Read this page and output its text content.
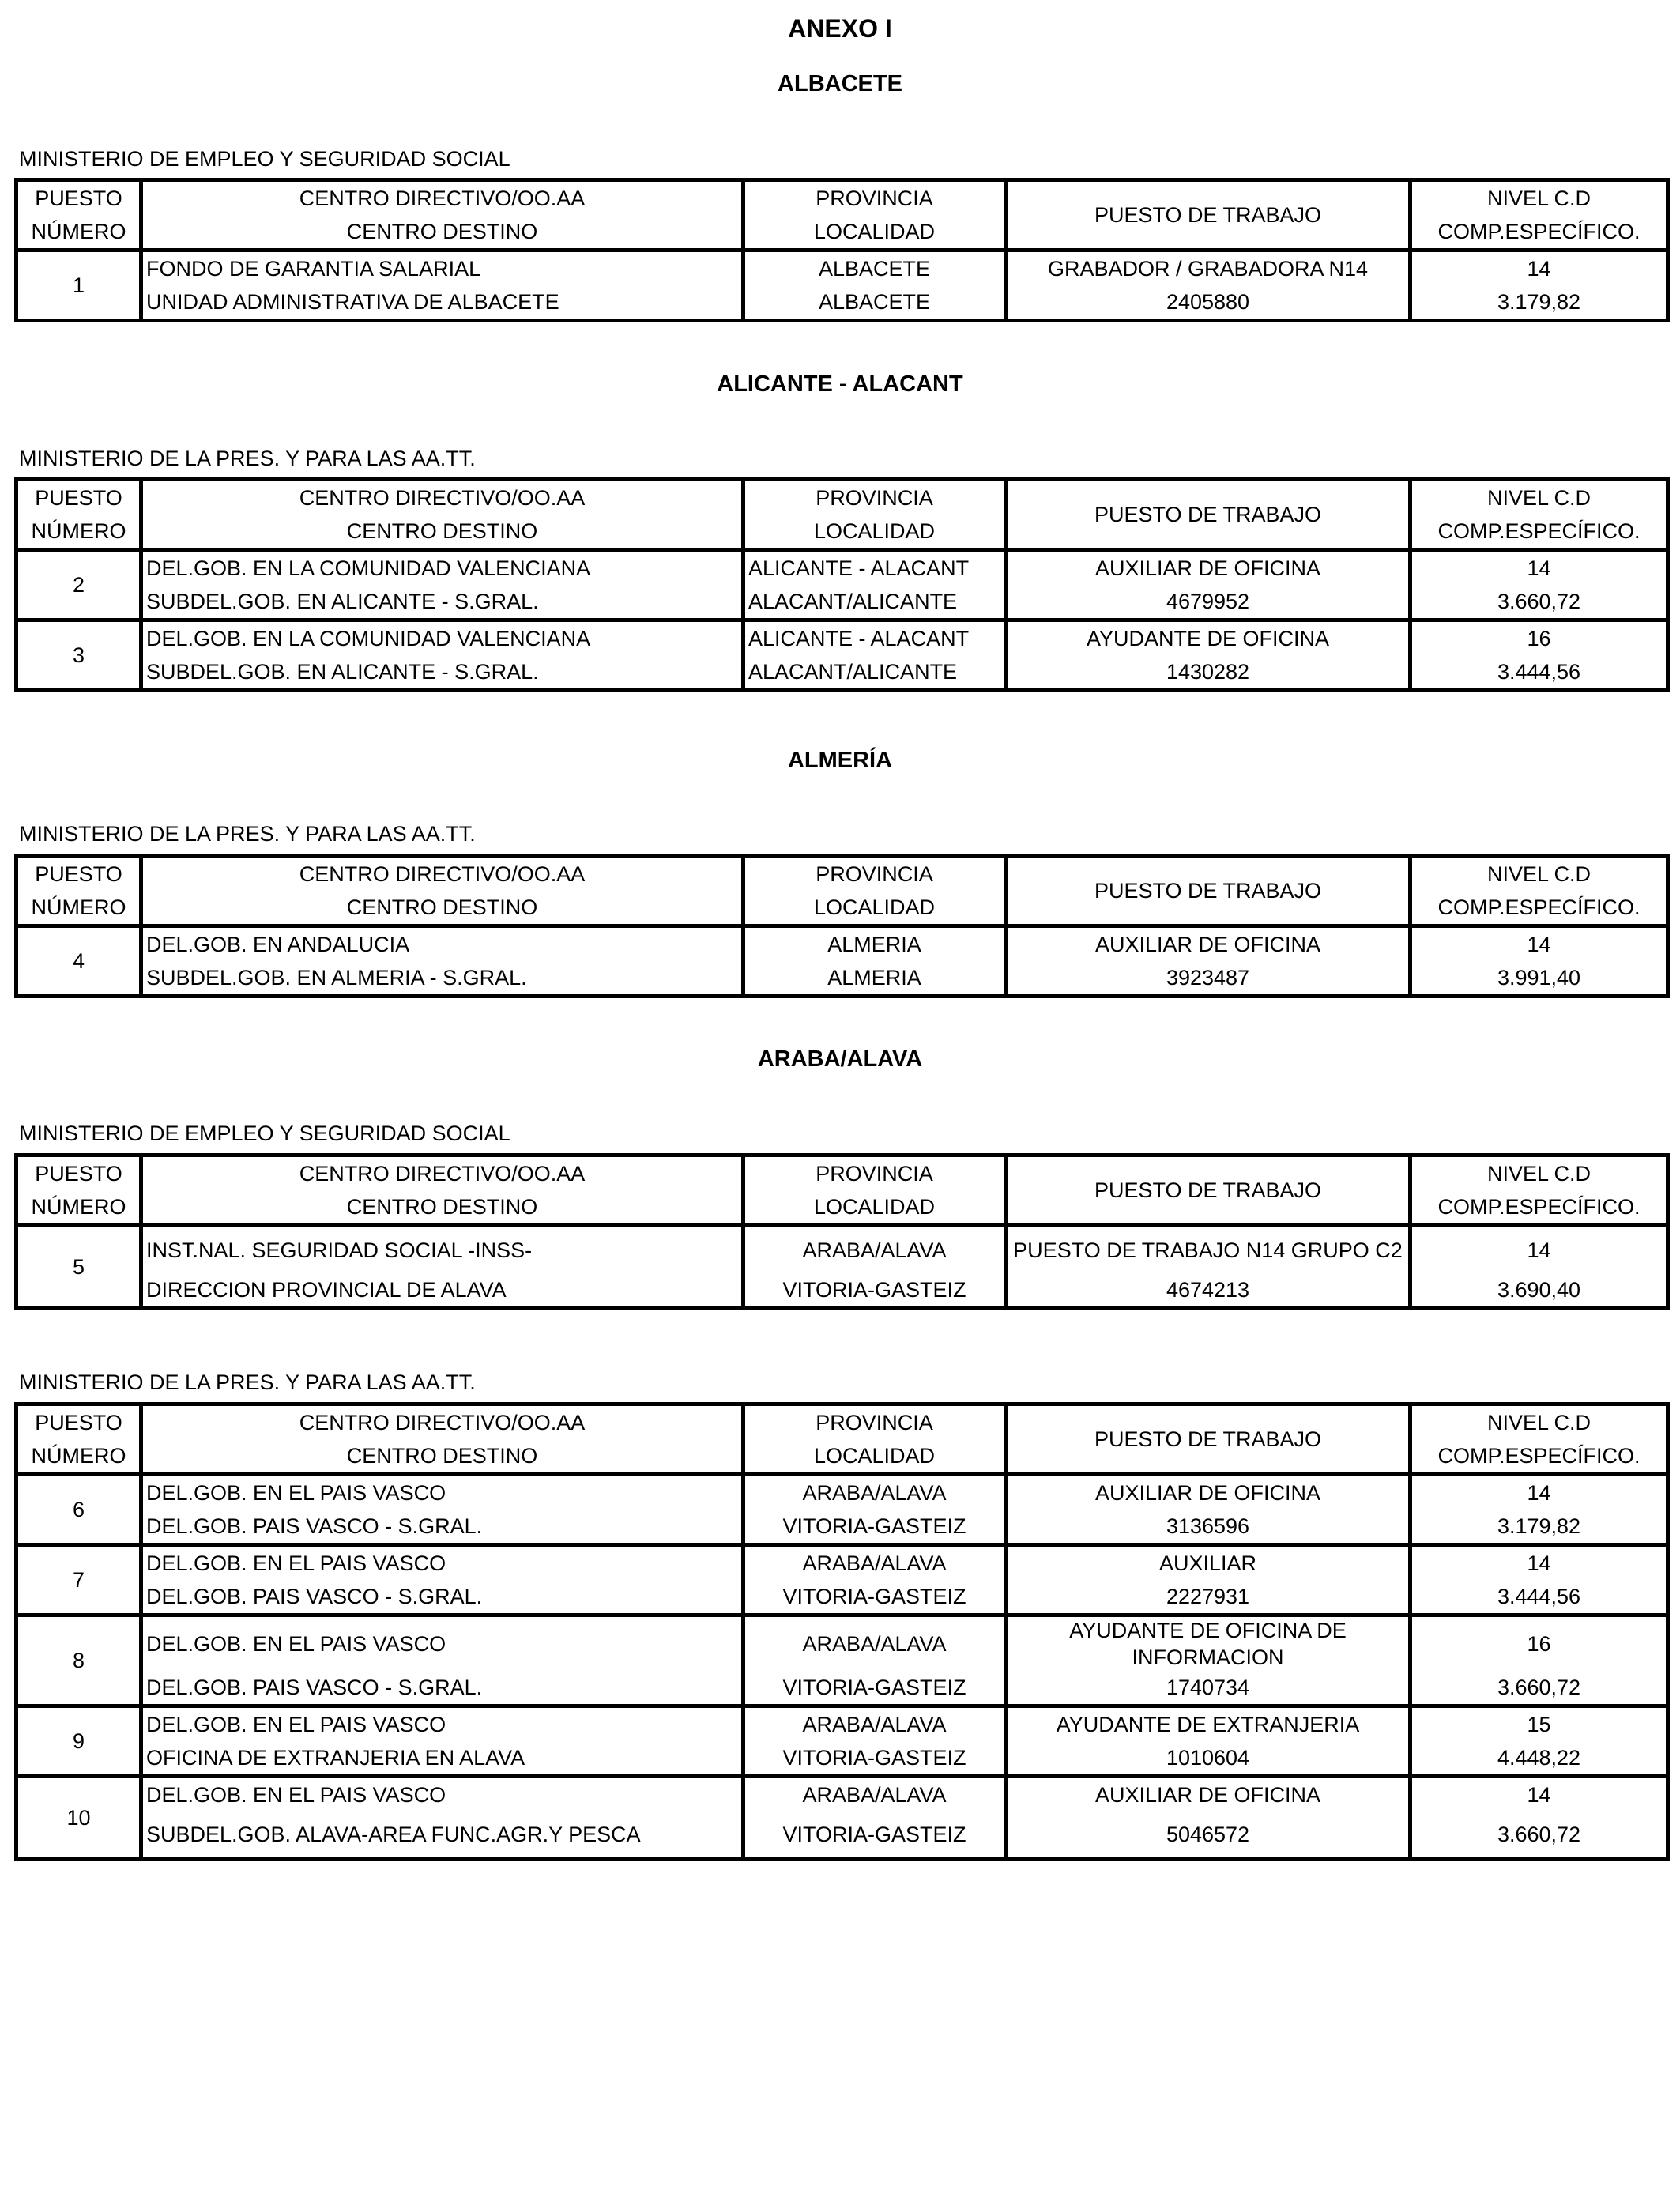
ANEXO I
ALBACETE
MINISTERIO DE EMPLEO Y SEGURIDAD SOCIAL
PUESTO	CENTRO DIRECTIVO/OO.AA	PROVINCIA	PUESTO DE TRABAJO	NIVEL C.D
NÚMERO	CENTRO DESTINO	LOCALIDAD		COMP.ESPECÍFICO.
1	FONDO DE GARANTIA SALARIAL	ALBACETE	GRABADOR / GRABADORA N14	14
	UNIDAD ADMINISTRATIVA DE ALBACETE	ALBACETE	2405880	3.179,82
ALICANTE - ALACANT
MINISTERIO DE LA PRES. Y PARA LAS AA.TT.
PUESTO	CENTRO DIRECTIVO/OO.AA	PROVINCIA	PUESTO DE TRABAJO	NIVEL C.D
NÚMERO	CENTRO DESTINO	LOCALIDAD		COMP.ESPECÍFICO.
2	DEL.GOB. EN LA COMUNIDAD VALENCIANA	ALICANTE - ALACANT	AUXILIAR DE OFICINA	14
	SUBDEL.GOB. EN ALICANTE - S.GRAL.	ALACANT/ALICANTE	4679952	3.660,72
3	DEL.GOB. EN LA COMUNIDAD VALENCIANA	ALICANTE - ALACANT	AYUDANTE DE OFICINA	16
	SUBDEL.GOB. EN ALICANTE - S.GRAL.	ALACANT/ALICANTE	1430282	3.444,56
ALMERÍA
MINISTERIO DE LA PRES. Y PARA LAS AA.TT.
PUESTO	CENTRO DIRECTIVO/OO.AA	PROVINCIA	PUESTO DE TRABAJO	NIVEL C.D
NÚMERO	CENTRO DESTINO	LOCALIDAD		COMP.ESPECÍFICO.
4	DEL.GOB. EN ANDALUCIA	ALMERIA	AUXILIAR DE OFICINA	14
	SUBDEL.GOB. EN ALMERIA - S.GRAL.	ALMERIA	3923487	3.991,40
ARABA/ALAVA
MINISTERIO DE EMPLEO Y SEGURIDAD SOCIAL
PUESTO	CENTRO DIRECTIVO/OO.AA	PROVINCIA	PUESTO DE TRABAJO	NIVEL C.D
NÚMERO	CENTRO DESTINO	LOCALIDAD		COMP.ESPECÍFICO.
5	INST.NAL. SEGURIDAD SOCIAL -INSS-	ARABA/ALAVA	PUESTO DE TRABAJO N14 GRUPO C2	14
	DIRECCION PROVINCIAL DE ALAVA	VITORIA-GASTEIZ	4674213	3.690,40
MINISTERIO DE LA PRES. Y PARA LAS AA.TT.
PUESTO	CENTRO DIRECTIVO/OO.AA	PROVINCIA	PUESTO DE TRABAJO	NIVEL C.D
NÚMERO	CENTRO DESTINO	LOCALIDAD		COMP.ESPECÍFICO.
6	DEL.GOB. EN EL PAIS VASCO	ARABA/ALAVA	AUXILIAR DE OFICINA	14
	DEL.GOB. PAIS VASCO - S.GRAL.	VITORIA-GASTEIZ	3136596	3.179,82
7	DEL.GOB. EN EL PAIS VASCO	ARABA/ALAVA	AUXILIAR	14
	DEL.GOB. PAIS VASCO - S.GRAL.	VITORIA-GASTEIZ	2227931	3.444,56
8	DEL.GOB. EN EL PAIS VASCO	ARABA/ALAVA	AYUDANTE DE OFICINA DE INFORMACION	16
	DEL.GOB. PAIS VASCO - S.GRAL.	VITORIA-GASTEIZ	1740734	3.660,72
9	DEL.GOB. EN EL PAIS VASCO	ARABA/ALAVA	AYUDANTE DE EXTRANJERIA	15
	OFICINA DE EXTRANJERIA EN ALAVA	VITORIA-GASTEIZ	1010604	4.448,22
10	DEL.GOB. EN EL PAIS VASCO	ARABA/ALAVA	AUXILIAR DE OFICINA	14
	SUBDEL.GOB. ALAVA-AREA FUNC.AGR.Y PESCA	VITORIA-GASTEIZ	5046572	3.660,72
